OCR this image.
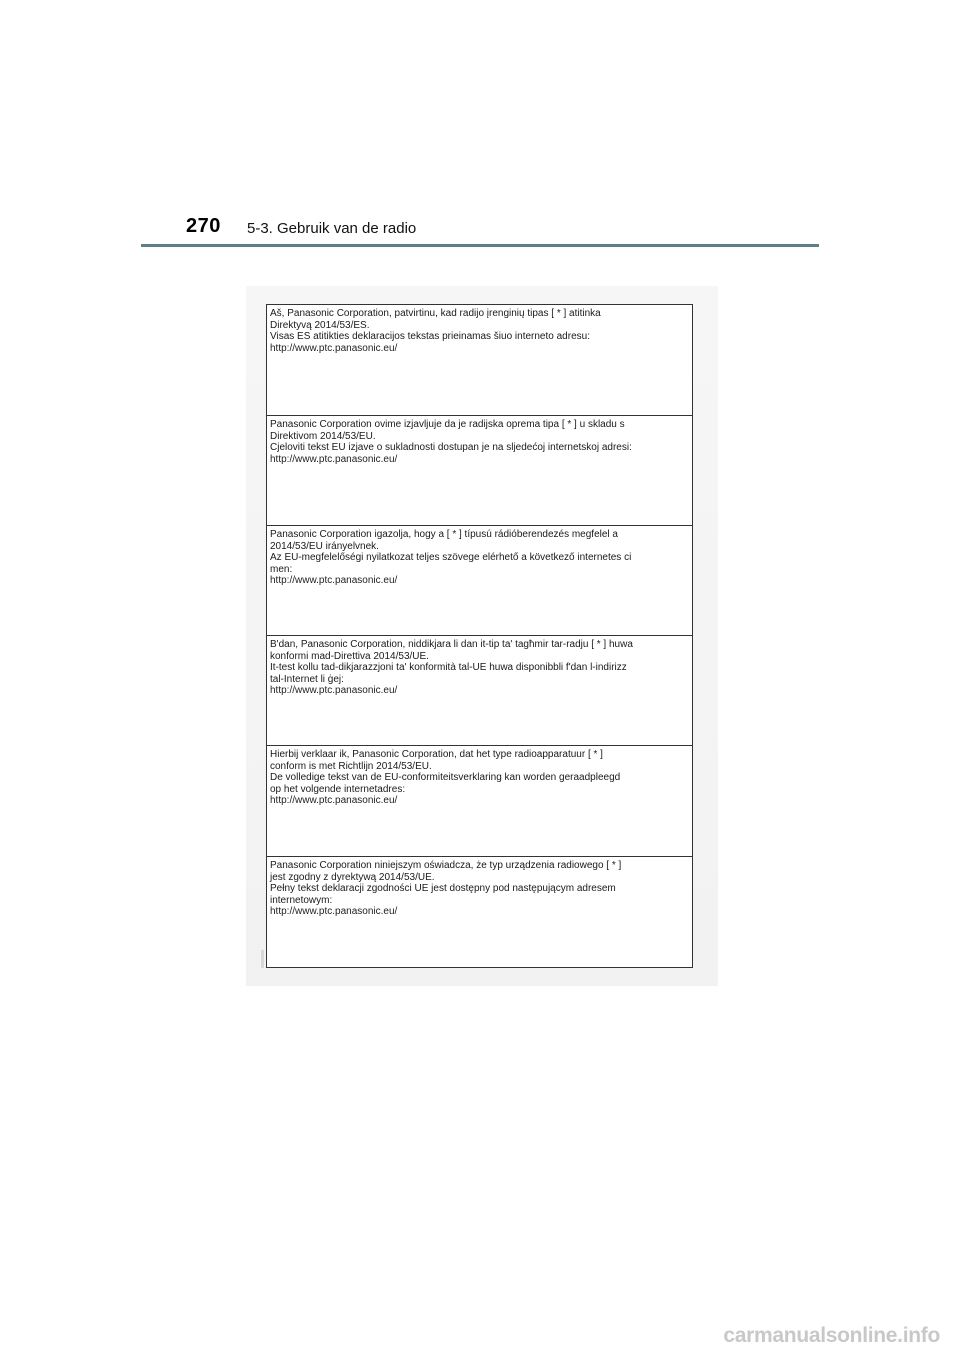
270 5-3. Gebruik van de radio

Aš, Panasonic Corporation, patvirtinu, kad radijo įrenginių tipas [ * ] atitinka

Direktyvą 2014/53/ES.

Visas ES atitikties deklaracijos tekstas prieinamas šiuo interneto adresu:

http://www.ptc.panasonic.eu/

Panasonic Corporation ovime izjavljuje da je radijska oprema tipa [ * ] u skladu s

Direktivom 2014/53/EU.

Cjeloviti tekst EU izjave o sukladnosti dostupan je na sljedećoj internetskoj adresi:

http://www.ptc.panasonic.eu/

Panasonic Corporation igazolja, hogy a [ * ] típusú rádióberendezés megfelel a

2014/53/EU irányelvnek.

Az EU-megfelelőségi nyilatkozat teljes szövege elérhető a következő internetes ci

men:

http://www.ptc.panasonic.eu/

B'dan, Panasonic Corporation, niddikjara li dan it-tip ta' tagħmir tar-radju [ * ] huwa

konformi mad-Direttiva 2014/53/UE.

It-test kollu tad-dikjarazzjoni ta' konformità tal-UE huwa disponibbli f'dan l-indirizz

tal-Internet li ġej:

http://www.ptc.panasonic.eu/

Hierbij verklaar ik, Panasonic Corporation, dat het type radioapparatuur [ * ]

conform is met Richtlijn 2014/53/EU.

De volledige tekst van de EU-conformiteitsverklaring kan worden geraadpleegd

op het volgende internetadres:

http://www.ptc.panasonic.eu/

Panasonic Corporation niniejszym oświadcza, że typ urządzenia radiowego [ * ]

jest zgodny z dyrektywą 2014/53/UE.

Pełny tekst deklaracji zgodności UE jest dostępny pod następującym adresem

internetowym:

http://www.ptc.panasonic.eu/

carmanualsonline.info
